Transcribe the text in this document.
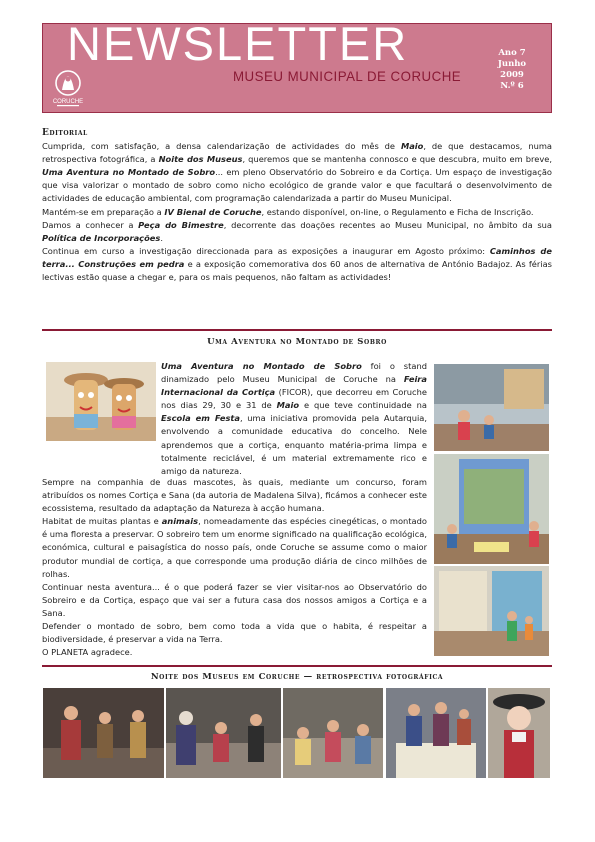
NEWSLETTER
MUSEU MUNICIPAL DE CORUCHE
CORUCHE
Ano 7
Junho
2009
N.º 6
Editorial

Cumprida, com satisfação, a densa calendarização de actividades do mês de Maio, de que destacamos, numa retrospectiva fotográfica, a Noite dos Museus, queremos que se mantenha connosco e que descubra, muito em breve, Uma Aventura no Montado de Sobro... em pleno Observatório do Sobreiro e da Cortiça. Um espaço de investigação que visa valorizar o montado de sobro como nicho ecológico de grande valor e que facultará o desenvolvimento de actividades de educação ambiental, com programação calendarizada a partir do Museu Municipal.

Mantém-se em preparação a IV Bienal de Coruche, estando disponível, on-line, o Regulamento e Ficha de Inscrição.

Damos a conhecer a Peça do Bimestre, decorrente das doações recentes ao Museu Municipal, no âmbito da sua Política de Incorporações.

Continua em curso a investigação direccionada para as exposições a inaugurar em Agosto próximo: Caminhos de terra... Construções em pedra e a exposição comemorativa dos 60 anos de alternativa de António Badajoz. As férias lectivas estão quase a chegar e, para os mais pequenos, não faltam as actividades!

Uma Aventura no Montado de Sobro

Uma Aventura no Montado de Sobro foi o stand dinamizado pelo Museu Municipal de Coruche na Feira Internacional da Cortiça (FICOR), que decorreu em Coruche nos dias 29, 30 e 31 de Maio e que teve continuidade na Escola em Festa, uma iniciativa promovida pela Autarquia, envolvendo a comunidade educativa do concelho. Nele aprendemos que a cortiça, enquanto matéria-prima limpa e totalmente reciclável, é um material extremamente rico e amigo da natureza.

Sempre na companhia de duas mascotes, às quais, mediante um concurso, foram atribuídos os nomes Cortiça e Sana (da autoria de Madalena Silva), ficámos a conhecer este ecossistema, resultado da adaptação da Natureza à acção humana.

Habitat de muitas plantas e animais, nomeadamente das espécies cinegéticas, o montado é uma floresta a preservar. O sobreiro tem um enorme significado na qualificação ecológica, económica, cultural e paisagística do nosso país, onde Coruche se assume como o maior produtor mundial de cortiça, a que corresponde uma produção diária de cinco milhões de rolhas.

Continuar nesta aventura... é o que poderá fazer se vier visitar-nos ao Observatório do Sobreiro e da Cortiça, espaço que vai ser a futura casa dos nossos amigos a Cortiça e a Sana.

Defender o montado de sobro, bem como toda a vida que o habita, é respeitar a biodiversidade, é preservar a vida na Terra.

O PLANETA agradece.

Noite dos Museus em Coruche — retrospectiva fotográfica
